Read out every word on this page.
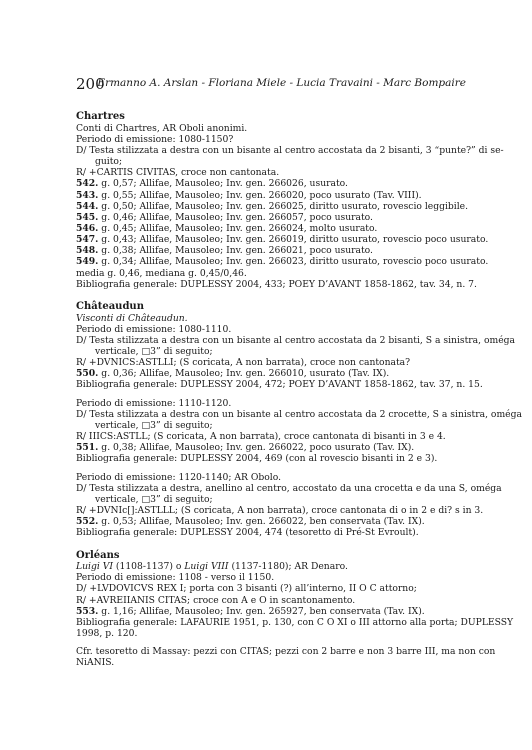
200
Ermanno A. Arslan - Floriana Miele - Lucia Travaini - Marc Bompaire
Chartres
Conti di Chartres, AR Oboli anonimi.
Periodo di emissione: 1080-1150?
D/ Testa stilizzata a destra con un bisante al centro accostata da 2 bisanti, 3 “punte?” di se-
guito;
R/ +CARTIS CIVITAS, croce non cantonata.
542. g. 0,57; Allifae, Mausoleo; Inv. gen. 266026, usurato.
543. g. 0,55; Allifae, Mausoleo; Inv. gen. 266020, poco usurato (Tav. VIII).
544. g. 0,50; Allifae, Mausoleo; Inv. gen. 266025, diritto usurato, rovescio leggibile.
545. g. 0,46; Allifae, Mausoleo; Inv. gen. 266057, poco usurato.
546. g. 0,45; Allifae, Mausoleo; Inv. gen. 266024, molto usurato.
547. g. 0,43; Allifae, Mausoleo; Inv. gen. 266019, diritto usurato, rovescio poco usurato.
548. g. 0,38; Allifae, Mausoleo; Inv. gen. 266021, poco usurato.
549. g. 0,34; Allifae, Mausoleo; Inv. gen. 266023, diritto usurato, rovescio poco usurato.
media g. 0,46, mediana g. 0,45/0,46.
Bibliografia generale: DUPLESSY 2004, 433; POEY D’AVANT 1858-1862, tav. 34, n. 7.
Châteaudun
Visconti di Châteaudun.
Periodo di emissione: 1080-1110.
D/ Testa stilizzata a destra con un bisante al centro accostata da 2 bisanti, S a sinistra, oméga
verticale, □3” di seguito;
R/ +DVNICS:ASTLLI; (S coricata, A non barrata), croce non cantonata?
550. g. 0,36; Allifae, Mausoleo; Inv. gen. 266010, usurato (Tav. IX).
Bibliografia generale: DUPLESSY 2004, 472; POEY D’AVANT 1858-1862, tav. 37, n. 15.
Periodo di emissione: 1110-1120.
D/ Testa stilizzata a destra con un bisante al centro accostata da 2 crocette, S a sinistra, oméga
verticale, □3” di seguito;
R/ IIICS:ASTLL; (S coricata, A non barrata), croce cantonata di bisanti in 3 e 4.
551. g. 0,38; Allifae, Mausoleo; Inv. gen. 266022, poco usurato (Tav. IX).
Bibliografia generale: DUPLESSY 2004, 469 (con al rovescio bisanti in 2 e 3).
Periodo di emissione: 1120-1140; AR Obolo.
D/ Testa stilizzata a destra, anellino al centro, accostato da una crocetta e da una S, oméga
verticale, □3” di seguito;
R/ +DVNIc[]:ASTLLL; (S coricata, A non barrata), croce cantonata di o in 2 e di? s in 3.
552. g. 0,53; Allifae, Mausoleo; Inv. gen. 266022, ben conservata (Tav. IX).
Bibliografia generale: DUPLESSY 2004, 474 (tesoretto di Pré-St Evroult).
Orléans
Luigi VI (1108-1137) o Luigi VIII (1137-1180); AR Denaro.
Periodo di emissione: 1108 - verso il 1150.
D/ +LVDOVICVS REX I; porta con 3 bisanti (?) all’interno, II O C attorno;
R/ +AVREIIANIS CITAS; croce con A e O in scantonamento.
553. g. 1,16; Allifae, Mausoleo; Inv. gen. 265927, ben conservata (Tav. IX).
Bibliografia generale: LAFAURIE 1951, p. 130, con C O XI o III attorno alla porta; DUPLESSY
1998, p. 120.
Cfr. tesoretto di Massay: pezzi con CITAS; pezzi con 2 barre e non 3 barre III, ma non con
NiANIS.
